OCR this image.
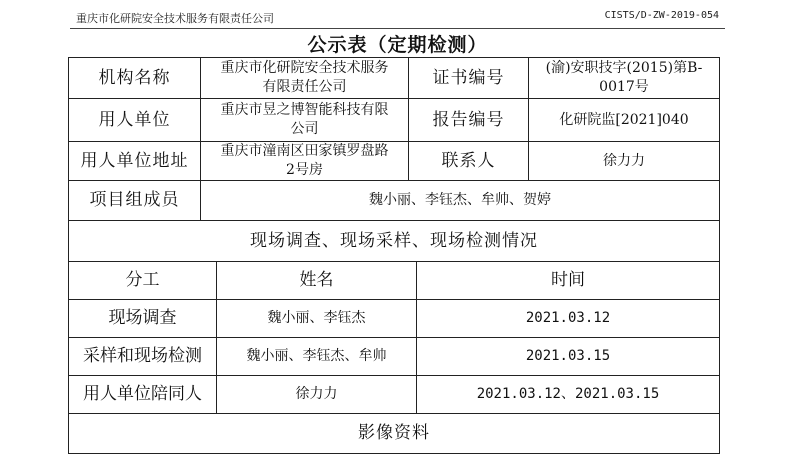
重庆市化研院安全技术服务有限责任公司	CISTS/D-ZW-2019-054
公示表（定期检测）
机构名称	重庆市化研院安全技术服务有限责任公司		证书编号		(渝)安职技字(2015)第B-0017号
用人单位	重庆市昱之博智能科技有限公司		报告编号		化研院监[2021]040
用人单位地址	重庆市潼南区田家镇罗盘路2号房		联系人		徐力力
项目组成员	魏小丽、李钰杰、牟帅、贺婷				
现场调查、现场采样、现场检测情况					
分工		姓名		时间	
现场调查		魏小丽、李钰杰		2021.03.12	
采样和现场检测		魏小丽、李钰杰、牟帅		2021.03.15	
用人单位陪同人		徐力力		2021.03.12、2021.03.15	
影像资料					
